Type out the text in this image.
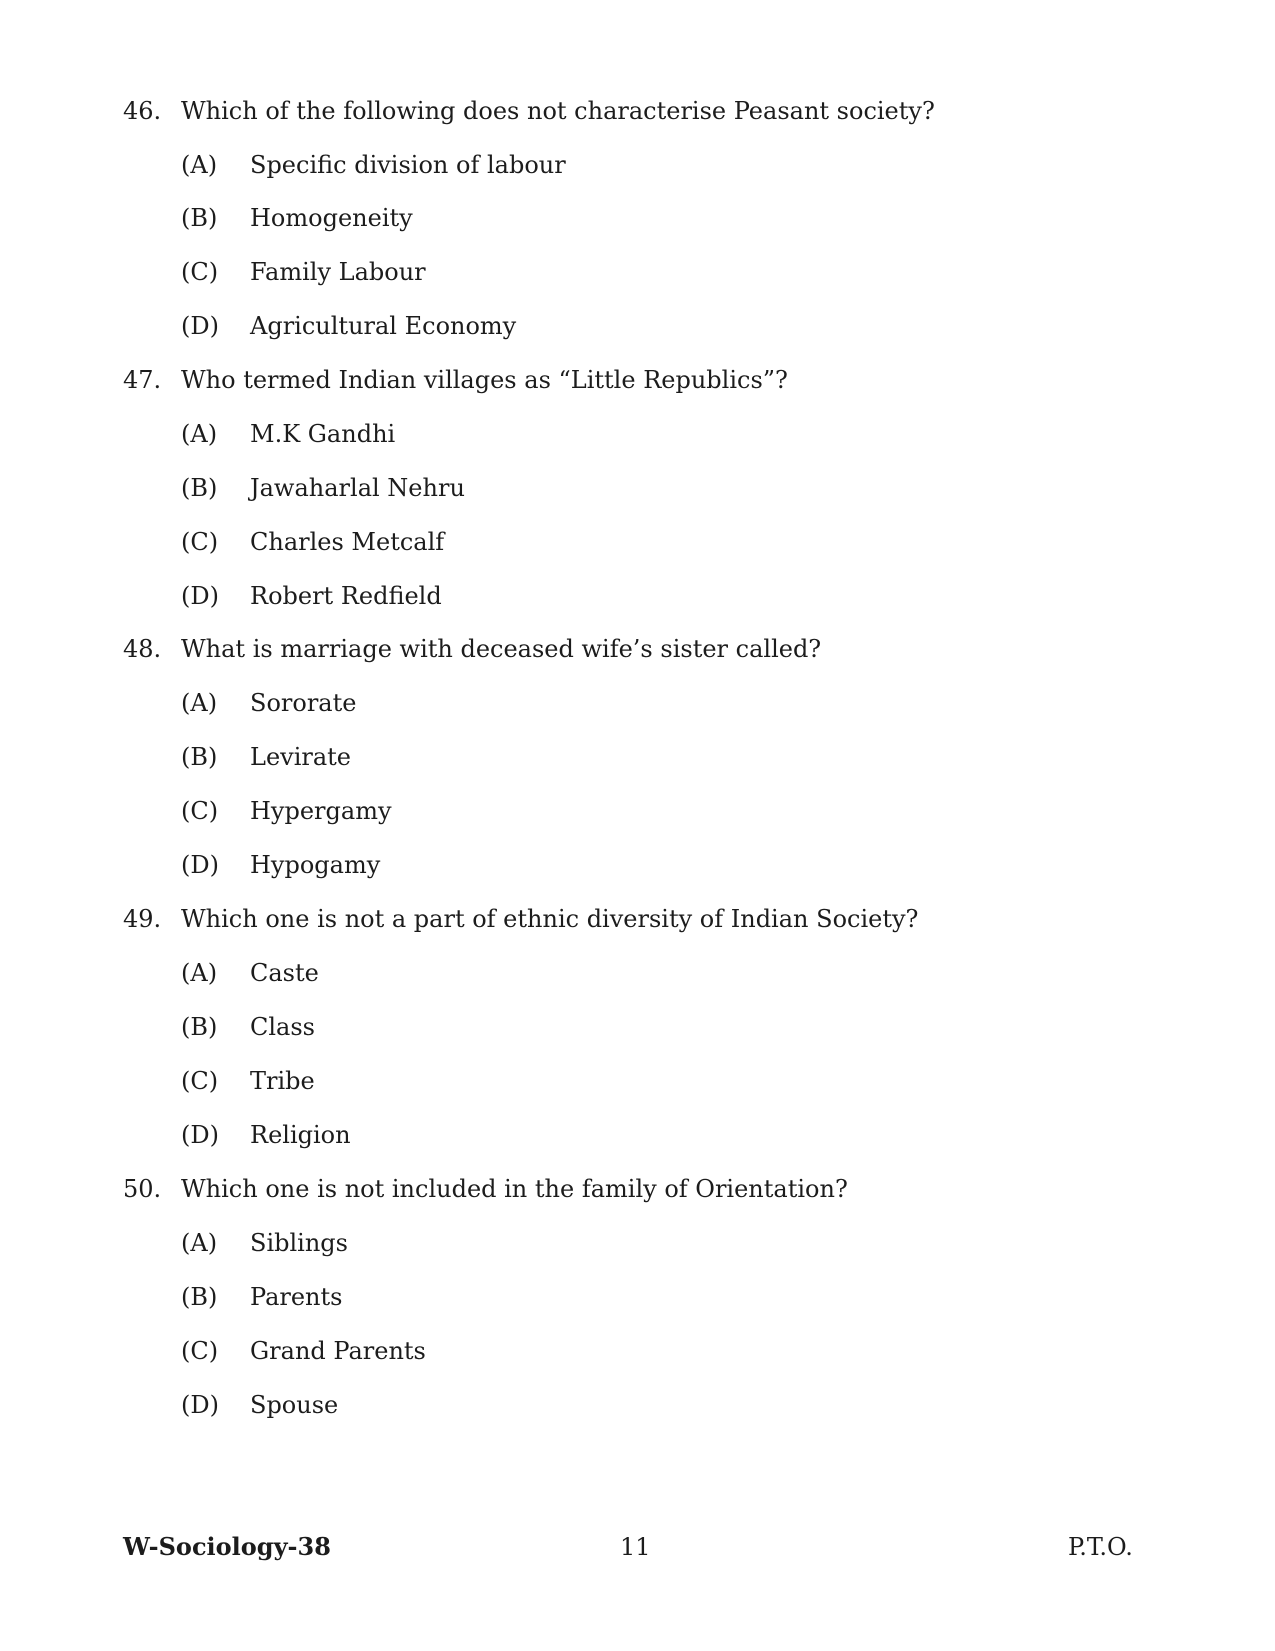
46. Which of the following does not characterise Peasant society?
(A) Specific division of labour
(B) Homogeneity
(C) Family Labour
(D) Agricultural Economy
47. Who termed Indian villages as “Little Republics”?
(A) M.K Gandhi
(B) Jawaharlal Nehru
(C) Charles Metcalf
(D) Robert Redfield
48. What is marriage with deceased wife’s sister called?
(A) Sororate
(B) Levirate
(C) Hypergamy
(D) Hypogamy
49. Which one is not a part of ethnic diversity of Indian Society?
(A) Caste
(B) Class
(C) Tribe
(D) Religion
50. Which one is not included in the family of Orientation?
(A) Siblings
(B) Parents
(C) Grand Parents
(D) Spouse
W-Sociology-38	11	P.T.O.
